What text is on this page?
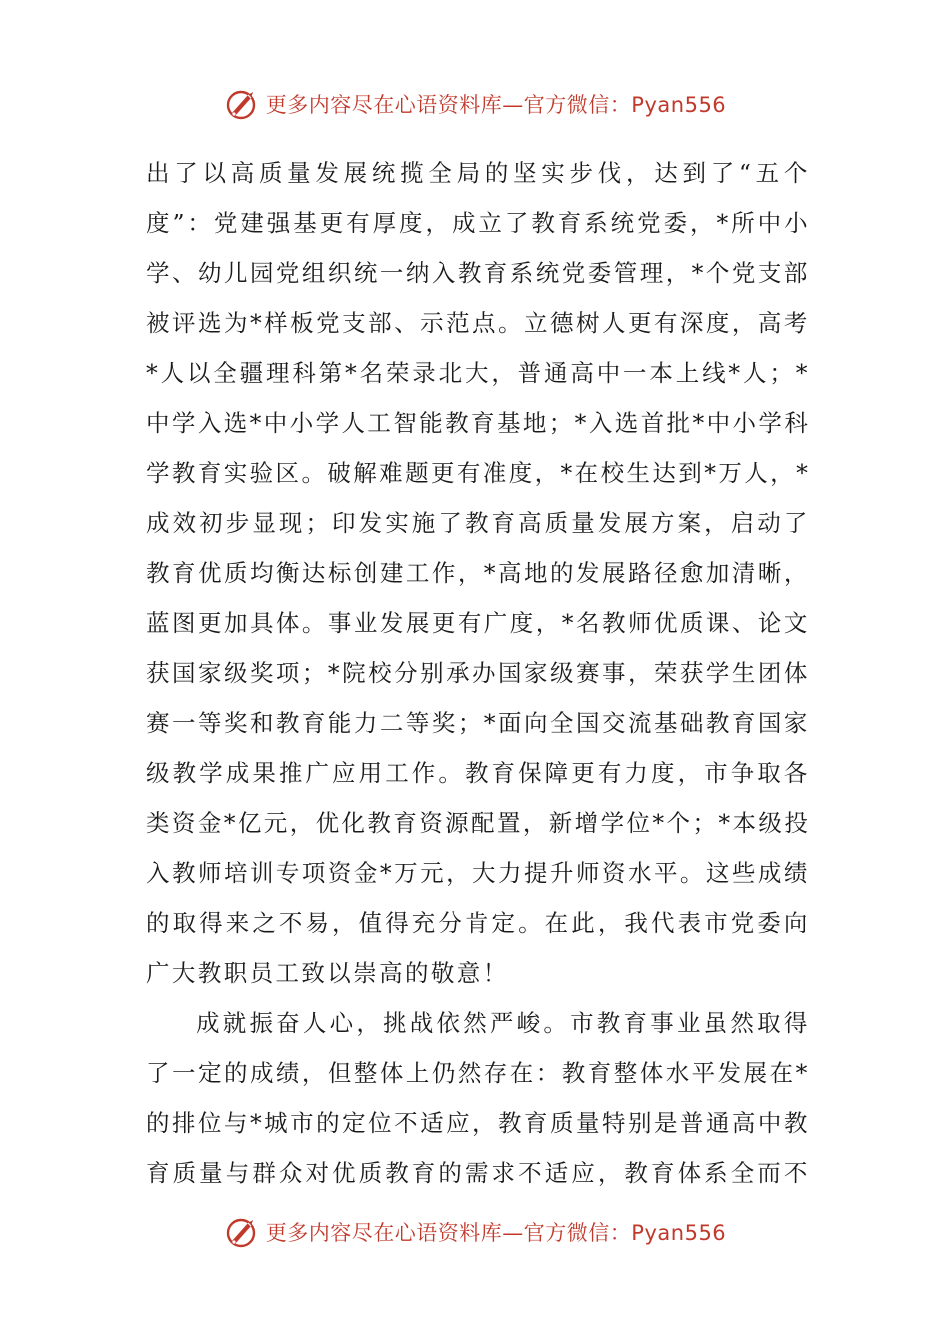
更多内容尽在心语资料库—官方微信：Pyan556
出 了 以 高 质 量 发 展 统 揽 全 局 的 坚 实 步 伐 ， 达 到 了 “ 五 个
度 ” ： 党 建 强 基 更 有 厚 度 ， 成 立 了 教 育 系 统 党 委 ， * 所 中 小
学 、 幼 儿 园 党 组 织 统 一 纳 入 教 育 系 统 党 委 管 理 ， * 个 党 支 部
被 评 选 为 * 样 板 党 支 部 、 示 范 点 。 立 德 树 人 更 有 深 度 ， 高 考
* 人 以 全 疆 理 科 第 * 名 荣 录 北 大 ， 普 通 高 中 一 本 上 线 * 人 ； *
中 学 入 选 * 中 小 学 人 工 智 能 教 育 基 地 ； * 入 选 首 批 * 中 小 学 科
学 教 育 实 验 区 。 破 解 难 题 更 有 准 度 ， * 在 校 生 达 到 * 万 人 ， *
成 效 初 步 显 现 ； 印 发 实 施 了 教 育 高 质 量 发 展 方 案 ， 启 动 了
教 育 优 质 均 衡 达 标 创 建 工 作 ， * 高 地 的 发 展 路 径 愈 加 清 晰 ，
蓝 图 更 加 具 体 。 事 业 发 展 更 有 广 度 ， * 名 教 师 优 质 课 、 论 文
获 国 家 级 奖 项 ； * 院 校 分 别 承 办 国 家 级 赛 事 ， 荣 获 学 生 团 体
赛 一 等 奖 和 教 育 能 力 二 等 奖 ； * 面 向 全 国 交 流 基 础 教 育 国 家
级 教 学 成 果 推 广 应 用 工 作 。 教 育 保 障 更 有 力 度 ， 市 争 取 各
类 资 金 * 亿 元 ， 优 化 教 育 资 源 配 置 ， 新 增 学 位 * 个 ； * 本 级 投
入 教 师 培 训 专 项 资 金 * 万 元 ， 大 力 提 升 师 资 水 平 。 这 些 成 绩
的 取 得 来 之 不 易 ， 值 得 充 分 肯 定 。 在 此 ， 我 代 表 市 党 委 向
广大教职员工致以崇高的敬意！
成 就 振 奋 人 心 ， 挑 战 依 然 严 峻 。 市 教 育 事 业 虽 然 取 得
了 一 定 的 成 绩 ， 但 整 体 上 仍 然 存 在 ： 教 育 整 体 水 平 发 展 在 *
的 排 位 与 * 城 市 的 定 位 不 适 应 ， 教 育 质 量 特 别 是 普 通 高 中 教
育 质 量 与 群 众 对 优 质 教 育 的 需 求 不 适 应 ， 教 育 体 系 全 而 不
更多内容尽在心语资料库—官方微信：Pyan556
